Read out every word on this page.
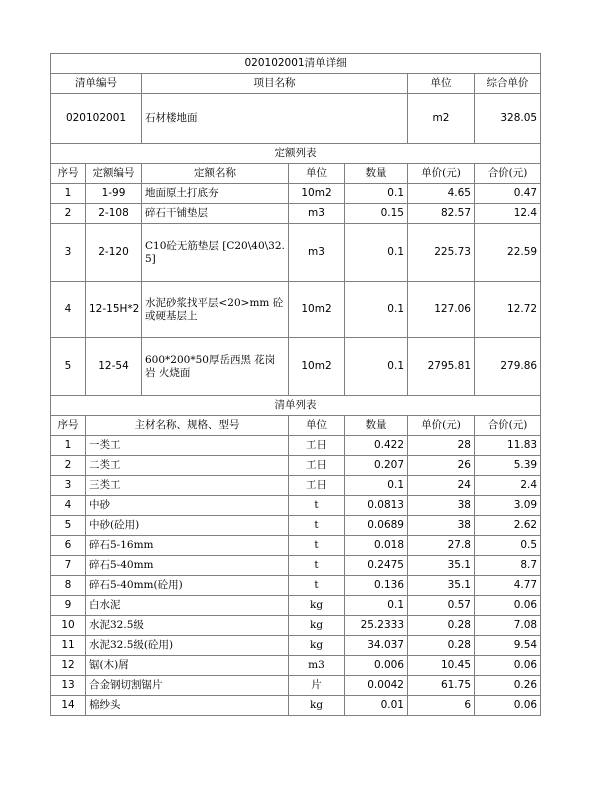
020102001清单详细						
清单编号		项目名称			单位	综合单价
020102001		石材楼地面			m2	328.05
定额列表						
序号	定额编号	定额名称	单位	数量	单价(元)	合价(元)
1	1-99	地面原土打底夯	10m2	0.1	4.65	0.47
2	2-108	碎石干铺垫层	m3	0.15	82.57	12.4
3	2-120	C10砼无筋垫层 [C20\40\32.5]	m3	0.1	225.73	22.59
4	12-15H*2	水泥砂浆找平层<20>mm 砼或硬基层上	10m2	0.1	127.06	12.72
5	12-54	600*200*50厚岳西黑 花岗岩 火烧面	10m2	0.1	2795.81	279.86
清单列表						
序号	主材名称、规格、型号		单位	数量	单价(元)	合价(元)
1	一类工		工日	0.422	28	11.83
2	二类工		工日	0.207	26	5.39
3	三类工		工日	0.1	24	2.4
4	中砂		t	0.0813	38	3.09
5	中砂(砼用)		t	0.0689	38	2.62
6	碎石5-16mm		t	0.018	27.8	0.5
7	碎石5-40mm		t	0.2475	35.1	8.7
8	碎石5-40mm(砼用)		t	0.136	35.1	4.77
9	白水泥		kg	0.1	0.57	0.06
10	水泥32.5级		kg	25.2333	0.28	7.08
11	水泥32.5级(砼用)		kg	34.037	0.28	9.54
12	锯(木)屑		m3	0.006	10.45	0.06
13	合金钢切割锯片		片	0.0042	61.75	0.26
14	棉纱头		kg	0.01	6	0.06
